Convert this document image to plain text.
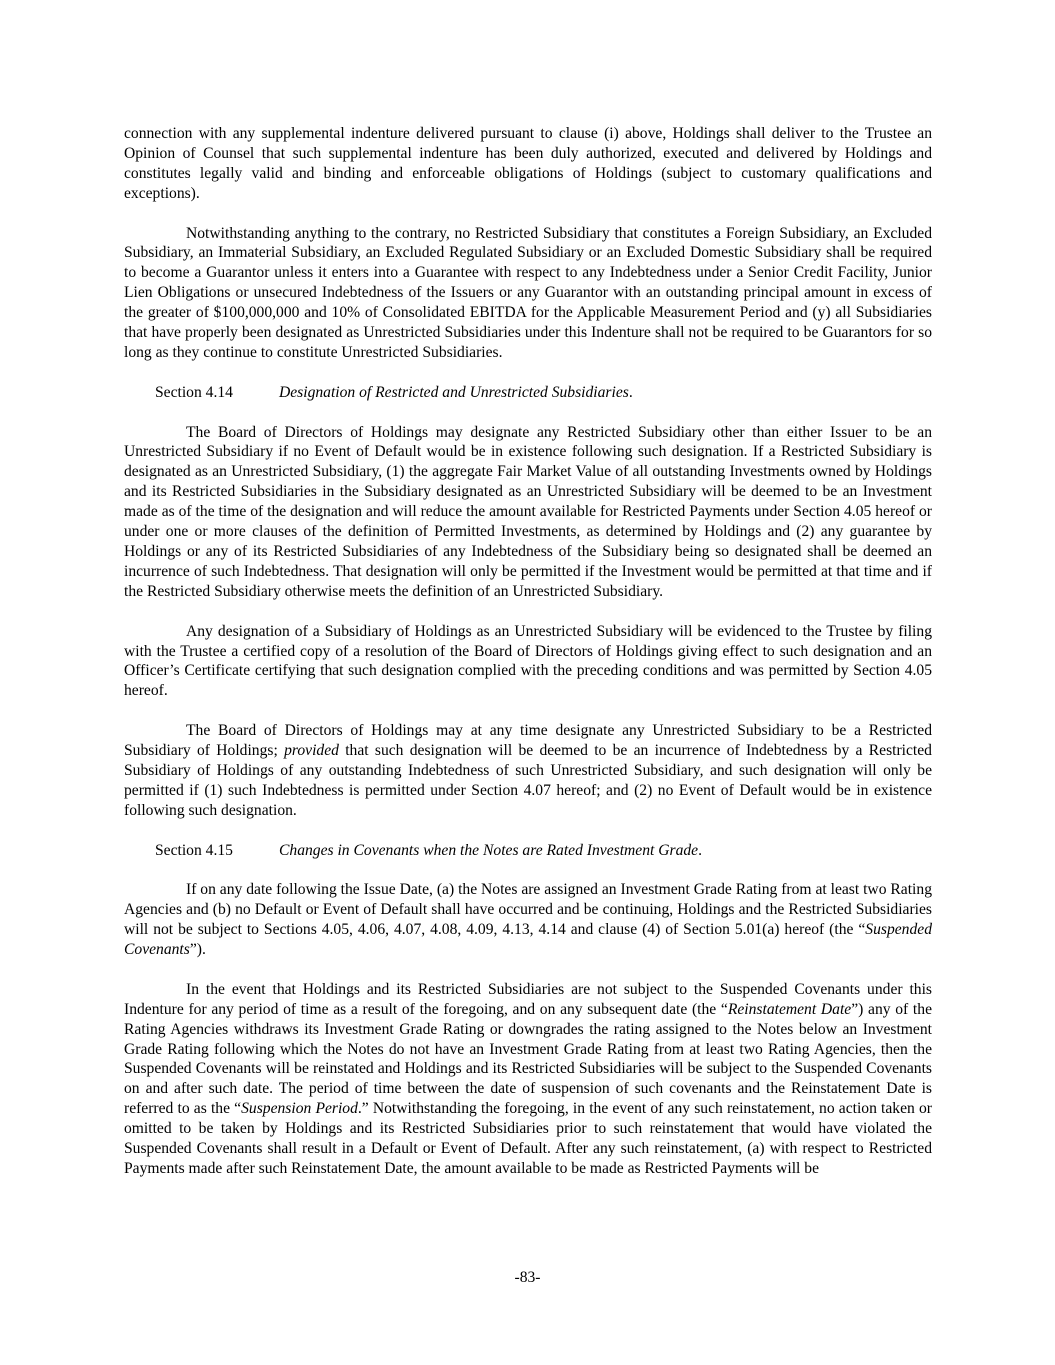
connection with any supplemental indenture delivered pursuant to clause (i) above, Holdings shall deliver to the Trustee an Opinion of Counsel that such supplemental indenture has been duly authorized, executed and delivered by Holdings and constitutes legally valid and binding and enforceable obligations of Holdings (subject to customary qualifications and exceptions).

Notwithstanding anything to the contrary, no Restricted Subsidiary that constitutes a Foreign Subsidiary, an Excluded Subsidiary, an Immaterial Subsidiary, an Excluded Regulated Subsidiary or an Excluded Domestic Subsidiary shall be required to become a Guarantor unless it enters into a Guarantee with respect to any Indebtedness under a Senior Credit Facility, Junior Lien Obligations or unsecured Indebtedness of the Issuers or any Guarantor with an outstanding principal amount in excess of the greater of $100,000,000 and 10% of Consolidated EBITDA for the Applicable Measurement Period and (y) all Subsidiaries that have properly been designated as Unrestricted Subsidiaries under this Indenture shall not be required to be Guarantors for so long as they continue to constitute Unrestricted Subsidiaries.

Section 4.14	Designation of Restricted and Unrestricted Subsidiaries.

The Board of Directors of Holdings may designate any Restricted Subsidiary other than either Issuer to be an Unrestricted Subsidiary if no Event of Default would be in existence following such designation. If a Restricted Subsidiary is designated as an Unrestricted Subsidiary, (1) the aggregate Fair Market Value of all outstanding Investments owned by Holdings and its Restricted Subsidiaries in the Subsidiary designated as an Unrestricted Subsidiary will be deemed to be an Investment made as of the time of the designation and will reduce the amount available for Restricted Payments under Section 4.05 hereof or under one or more clauses of the definition of Permitted Investments, as determined by Holdings and (2) any guarantee by Holdings or any of its Restricted Subsidiaries of any Indebtedness of the Subsidiary being so designated shall be deemed an incurrence of such Indebtedness. That designation will only be permitted if the Investment would be permitted at that time and if the Restricted Subsidiary otherwise meets the definition of an Unrestricted Subsidiary.

Any designation of a Subsidiary of Holdings as an Unrestricted Subsidiary will be evidenced to the Trustee by filing with the Trustee a certified copy of a resolution of the Board of Directors of Holdings giving effect to such designation and an Officer’s Certificate certifying that such designation complied with the preceding conditions and was permitted by Section 4.05 hereof.

The Board of Directors of Holdings may at any time designate any Unrestricted Subsidiary to be a Restricted Subsidiary of Holdings; provided that such designation will be deemed to be an incurrence of Indebtedness by a Restricted Subsidiary of Holdings of any outstanding Indebtedness of such Unrestricted Subsidiary, and such designation will only be permitted if (1) such Indebtedness is permitted under Section 4.07 hereof; and (2) no Event of Default would be in existence following such designation.

Section 4.15	Changes in Covenants when the Notes are Rated Investment Grade.

If on any date following the Issue Date, (a) the Notes are assigned an Investment Grade Rating from at least two Rating Agencies and (b) no Default or Event of Default shall have occurred and be continuing, Holdings and the Restricted Subsidiaries will not be subject to Sections 4.05, 4.06, 4.07, 4.08, 4.09, 4.13, 4.14 and clause (4) of Section 5.01(a) hereof (the “Suspended Covenants”).

In the event that Holdings and its Restricted Subsidiaries are not subject to the Suspended Covenants under this Indenture for any period of time as a result of the foregoing, and on any subsequent date (the “Reinstatement Date”) any of the Rating Agencies withdraws its Investment Grade Rating or downgrades the rating assigned to the Notes below an Investment Grade Rating following which the Notes do not have an Investment Grade Rating from at least two Rating Agencies, then the Suspended Covenants will be reinstated and Holdings and its Restricted Subsidiaries will be subject to the Suspended Covenants on and after such date. The period of time between the date of suspension of such covenants and the Reinstatement Date is referred to as the “Suspension Period.” Notwithstanding the foregoing, in the event of any such reinstatement, no action taken or omitted to be taken by Holdings and its Restricted Subsidiaries prior to such reinstatement that would have violated the Suspended Covenants shall result in a Default or Event of Default. After any such reinstatement, (a) with respect to Restricted Payments made after such Reinstatement Date, the amount available to be made as Restricted Payments will be

-83-
